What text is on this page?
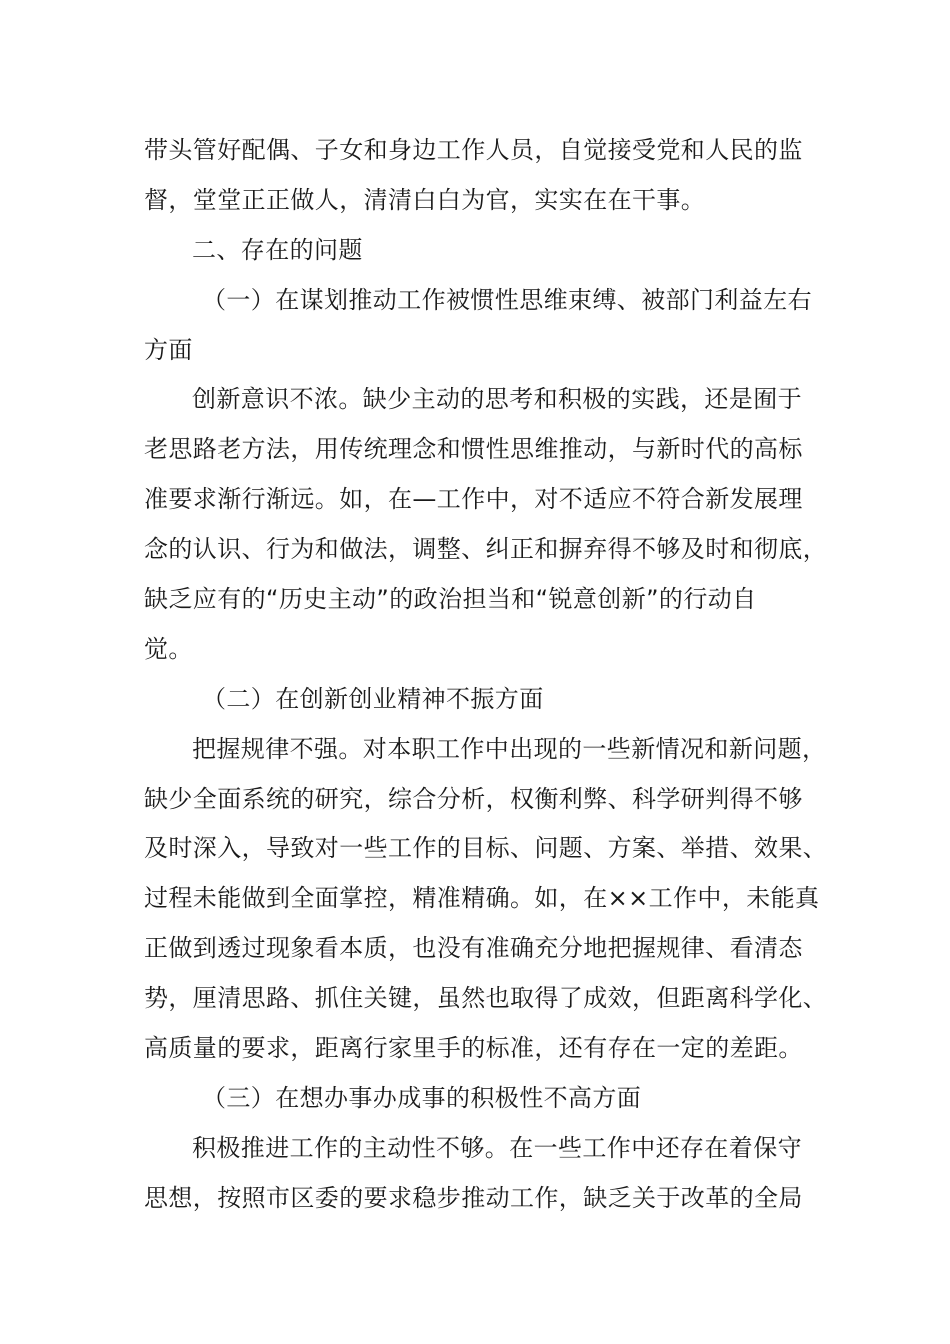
带头管好配偶、子女和身边工作人员，自觉接受党和人民的监
督，堂堂正正做人，清清白白为官，实实在在干事。
二、存在的问题
（一）在谋划推动工作被惯性思维束缚、被部门利益左右
方面
创新意识不浓。缺少主动的思考和积极的实践，还是囿于
老思路老方法，用传统理念和惯性思维推动，与新时代的高标
准要求渐行渐远。如，在—工作中，对不适应不符合新发展理
念的认识、行为和做法，调整、纠正和摒弃得不够及时和彻底，
缺乏应有的“历史主动”的政治担当和“锐意创新”的行动自
觉。
（二）在创新创业精神不振方面
把握规律不强。对本职工作中出现的一些新情况和新问题，
缺少全面系统的研究，综合分析，权衡利弊、科学研判得不够
及时深入，导致对一些工作的目标、问题、方案、举措、效果、
过程未能做到全面掌控，精准精确。如，在××工作中，未能真
正做到透过现象看本质，也没有准确充分地把握规律、看清态
势，厘清思路、抓住关键，虽然也取得了成效，但距离科学化、
高质量的要求，距离行家里手的标准，还有存在一定的差距。
（三）在想办事办成事的积极性不高方面
积极推进工作的主动性不够。在一些工作中还存在着保守
思想，按照市区委的要求稳步推动工作，缺乏关于改革的全局
